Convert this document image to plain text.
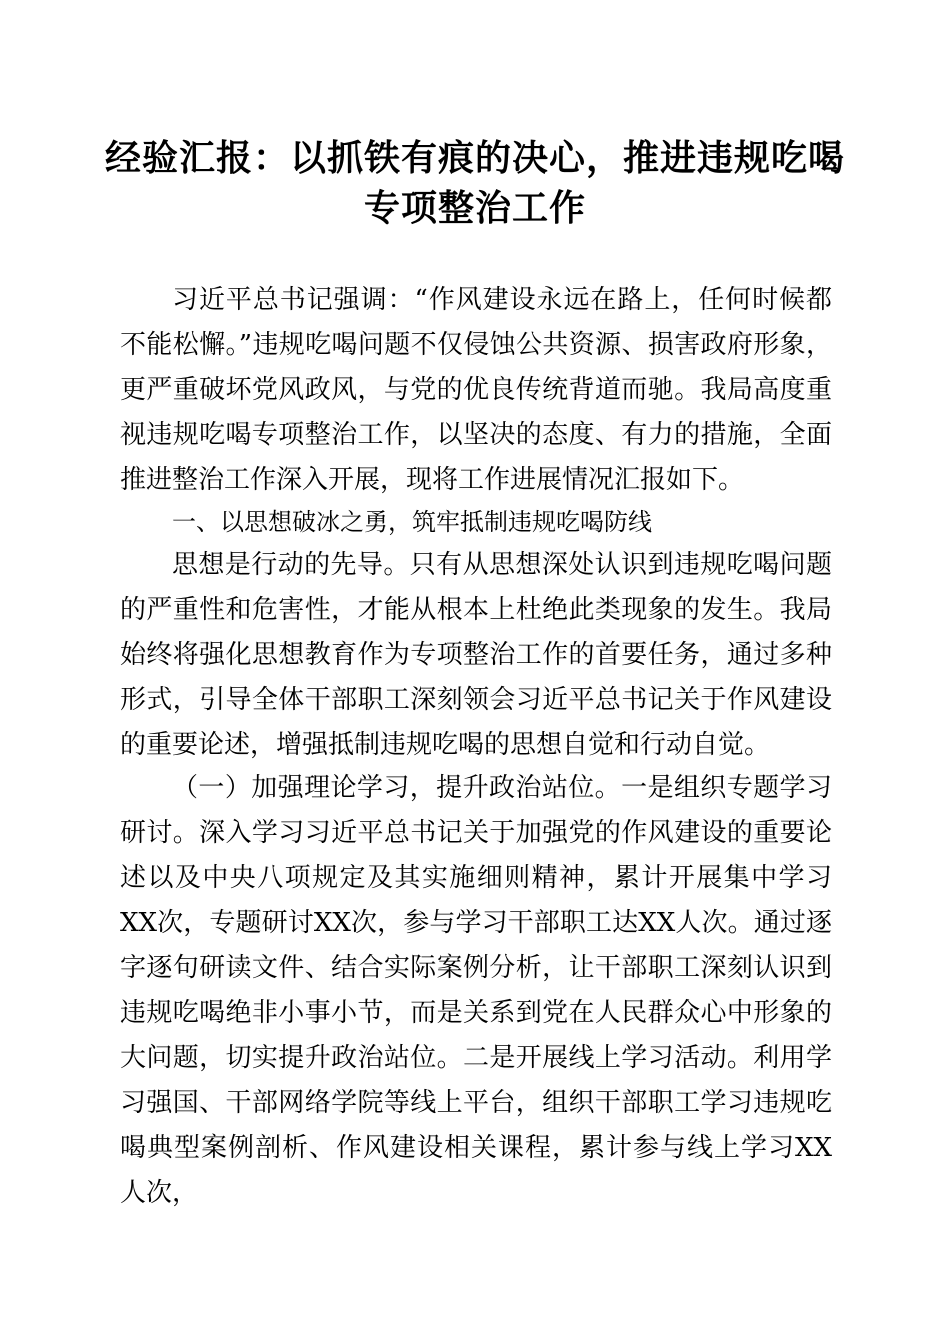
经验汇报：以抓铁有痕的决心，推进违规吃喝
专项整治工作

习近平总书记强调：“作风建设永远在路上，任何时候都不能松懈。”违规吃喝问题不仅侵蚀公共资源、损害政府形象，更严重破坏党风政风，与党的优良传统背道而驰。我局高度重视违规吃喝专项整治工作，以坚决的态度、有力的措施，全面推进整治工作深入开展，现将工作进展情况汇报如下。

一、以思想破冰之勇，筑牢抵制违规吃喝防线

思想是行动的先导。只有从思想深处认识到违规吃喝问题的严重性和危害性，才能从根本上杜绝此类现象的发生。我局始终将强化思想教育作为专项整治工作的首要任务，通过多种形式，引导全体干部职工深刻领会习近平总书记关于作风建设的重要论述，增强抵制违规吃喝的思想自觉和行动自觉。

（一）加强理论学习，提升政治站位。一是组织专题学习研讨。深入学习习近平总书记关于加强党的作风建设的重要论述以及中央八项规定及其实施细则精神，累计开展集中学习XX次，专题研讨XX次，参与学习干部职工达XX人次。通过逐字逐句研读文件、结合实际案例分析，让干部职工深刻认识到违规吃喝绝非小事小节，而是关系到党在人民群众心中形象的大问题，切实提升政治站位。二是开展线上学习活动。利用学习强国、干部网络学院等线上平台，组织干部职工学习违规吃喝典型案例剖析、作风建设相关课程，累计参与线上学习XX人次，
